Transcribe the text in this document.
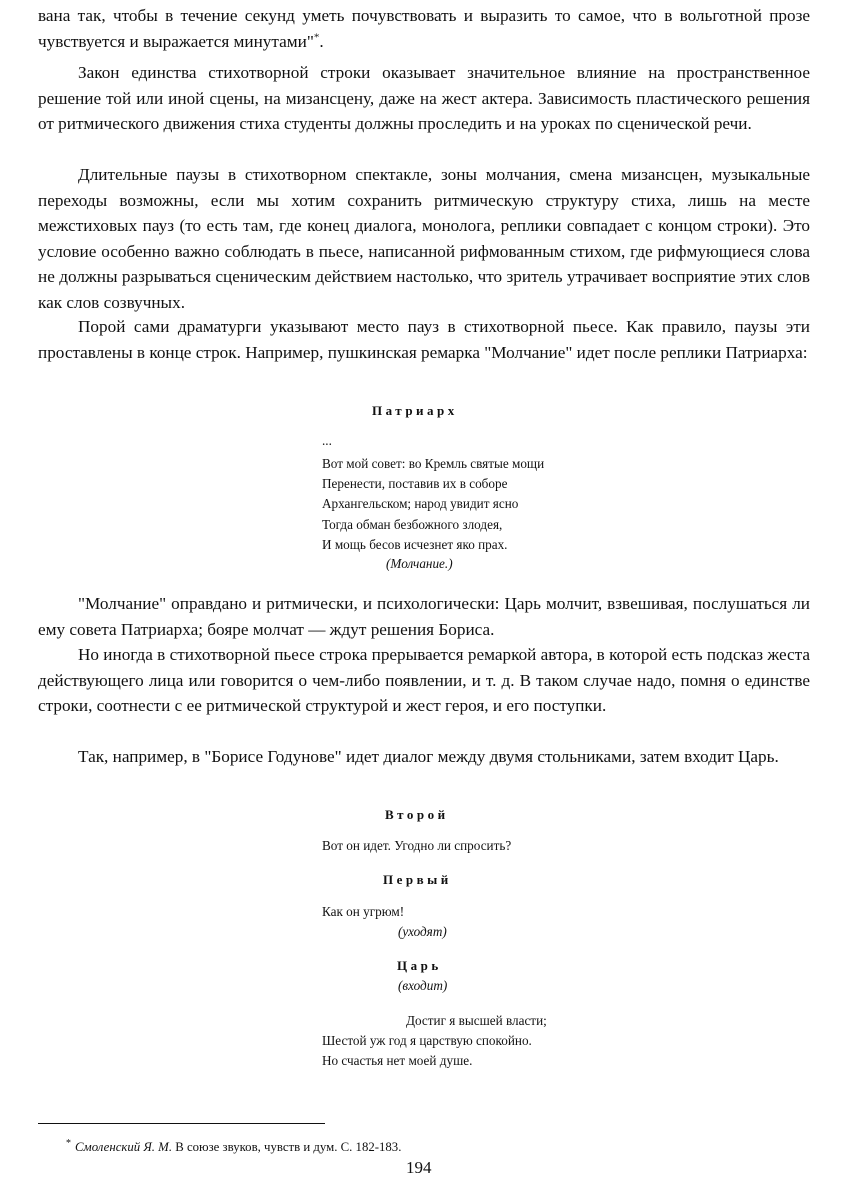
вана так, чтобы в течение секунд уметь почувствовать и выразить то самое, что в вольготной прозе чувствуется и выражается минутами"*.

Закон единства стихотворной строки оказывает значительное влияние на пространственное решение той или иной сцены, на мизансцену, даже на жест актера. Зависимость пластического решения от ритмического движения стиха студенты должны проследить и на уроках по сценической речи.

Длительные паузы в стихотворном спектакле, зоны молчания, смена мизансцен, музыкальные переходы возможны, если мы хотим сохранить ритмическую структуру стиха, лишь на месте межстиховых пауз (то есть там, где конец диалога, монолога, реплики совпадает с концом строки). Это условие особенно важно соблюдать в пьесе, написанной рифмованным стихом, где рифмующиеся слова не должны разрываться сценическим действием настолько, что зритель утрачивает восприятие этих слов как слов созвучных.

Порой сами драматурги указывают место пауз в стихотворной пьесе. Как правило, паузы эти проставлены в конце строк. Например, пушкинская ремарка "Молчание" идет после реплики Патриарха:

Патриарх

...

Вот мой совет: во Кремль святые мощи
Перенести, поставив их в соборе
Архангельском; народ увидит ясно
Тогда обман безбожного злодея,
И мощь бесов исчезнет яко прах.

(Молчание.)

"Молчание" оправдано и ритмически, и психологически: Царь молчит, взвешивая, послушаться ли ему совета Патриарха; бояре молчат — ждут решения Бориса.

Но иногда в стихотворной пьесе строка прерывается ремаркой автора, в которой есть подсказ жеста действующего лица или говорится о чем-либо появлении, и т. д. В таком случае надо, помня о единстве строки, соотнести с ее ритмической структурой и жест героя, и его поступки.

Так, например, в "Борисе Годунове" идет диалог между двумя стольниками, затем входит Царь.

Второй

Вот он идет. Угодно ли спросить?

Первый

Как он угрюм!

(уходят)

Царь

(входит)

Достиг я высшей власти;
Шестой уж год я царствую спокойно.
Но счастья нет моей душе.

* Смоленский Я. М. В союзе звуков, чувств и дум. С. 182-183.

194
